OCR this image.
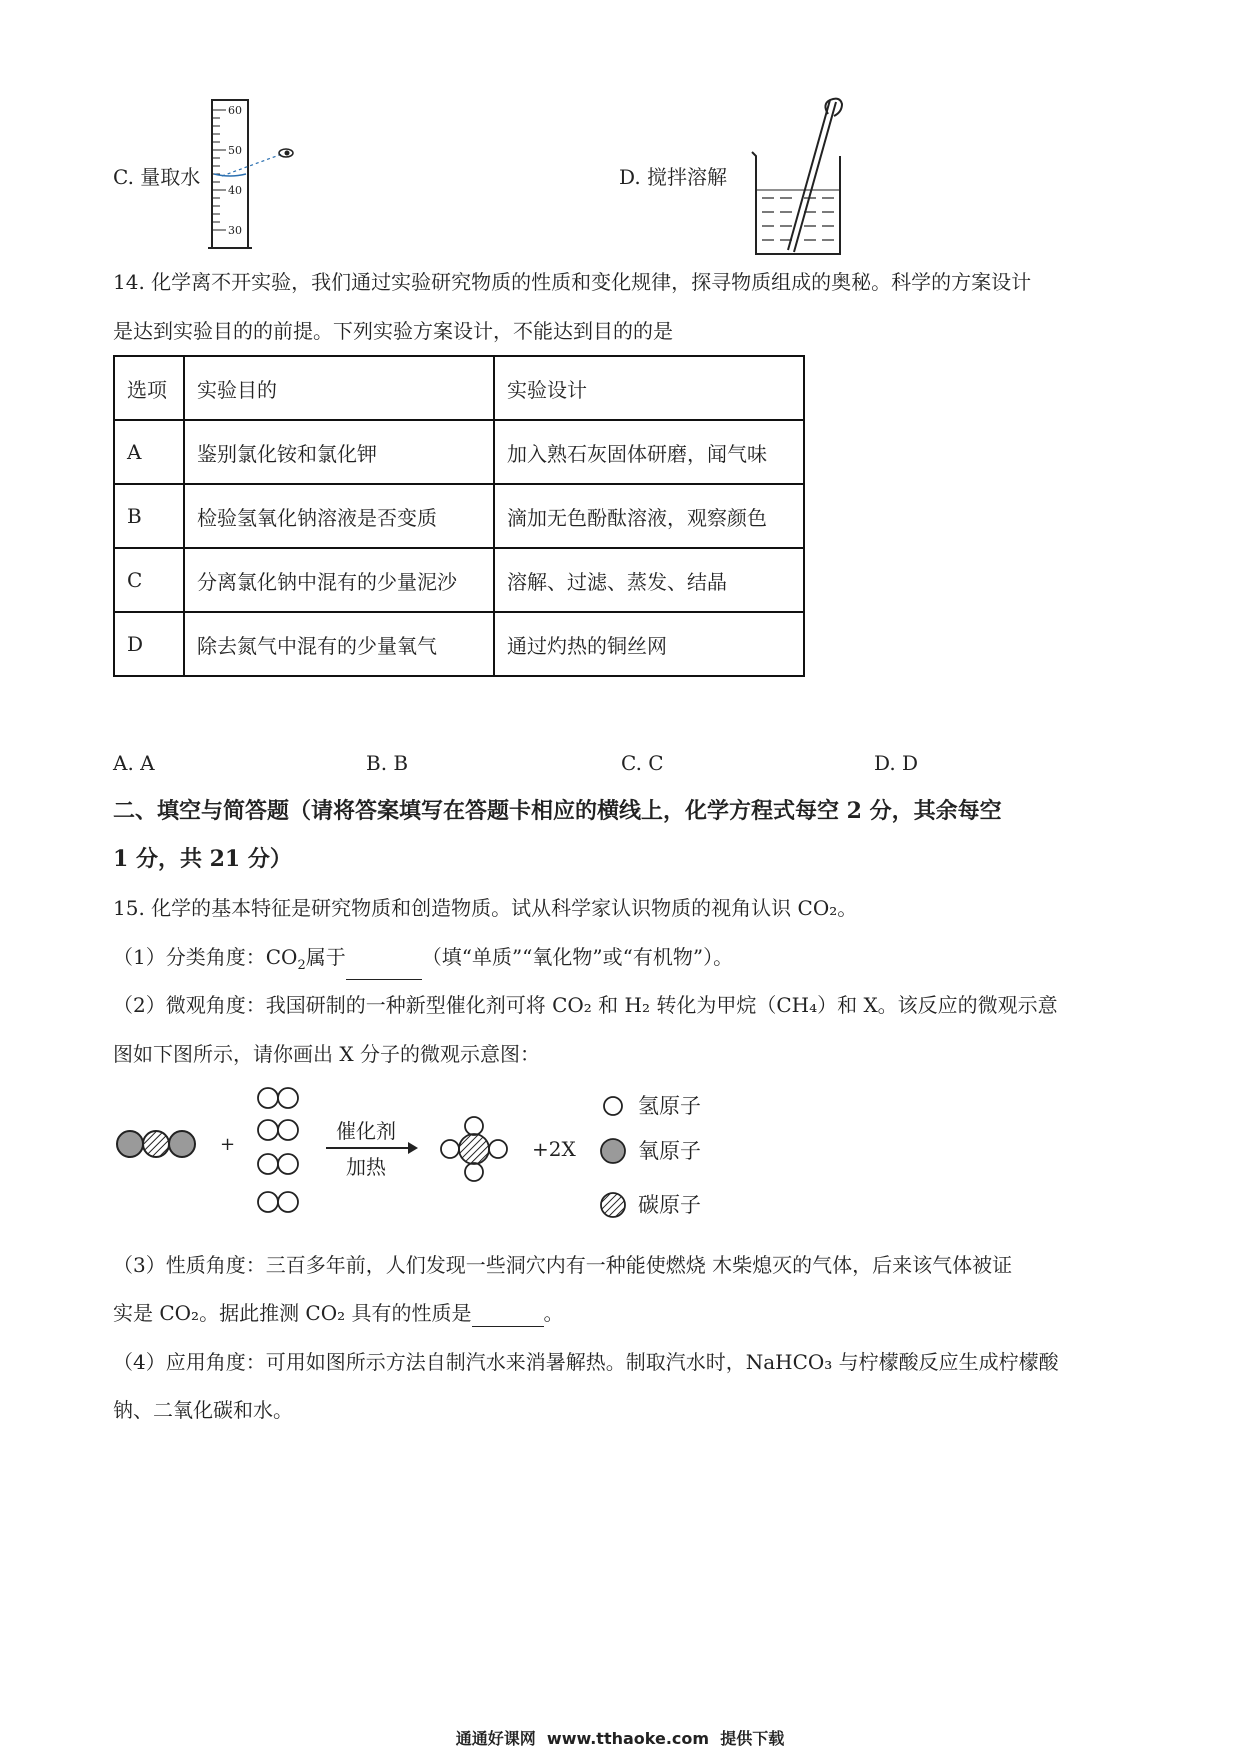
C. 量取水
60
50
40
30
D. 搅拌溶解
14. 化学离不开实验，我们通过实验研究物质的性质和变化规律，探寻物质组成的奥秘。科学的方案设计
是达到实验目的的前提。下列实验方案设计，不能达到目的的是
选项	实验目的	实验设计
A	鉴别氯化铵和氯化钾	加入熟石灰固体研磨，闻气味
B	检验氢氧化钠溶液是否变质	滴加无色酚酞溶液，观察颜色
C	分离氯化钠中混有的少量泥沙	溶解、过滤、蒸发、结晶
D	除去氮气中混有的少量氧气	通过灼热的铜丝网
A. A	B. B	C. C	D. D
二、填空与简答题（请将答案填写在答题卡相应的横线上，化学方程式每空 2 分，其余每空
1 分，共 21 分）
15. 化学的基本特征是研究物质和创造物质。试从科学家认识物质的视角认识 CO₂。
（1）分类角度：$CO_2$属于	（填“单质”“氧化物”或“有机物”）。
（2）微观角度：我国研制的一种新型催化剂可将 CO₂ 和 H₂ 转化为甲烷（CH₄）和 X。该反应的微观示意
图如下图所示，请你画出 X 分子的微观示意图：
+
催化剂
加热
+2X
氢原子
氧原子
碳原子
（3）性质角度：三百多年前，人们发现一些洞穴内有一种能使燃烧 木柴熄灭的气体，后来该气体被证
实是 CO₂。据此推测 CO₂ 具有的性质是	。
（4）应用角度：可用如图所示方法自制汽水来消暑解热。制取汽水时，NaHCO₃ 与柠檬酸反应生成柠檬酸
钠、二氧化碳和水。
通通好课网  www.tthaoke.com  提供下载
